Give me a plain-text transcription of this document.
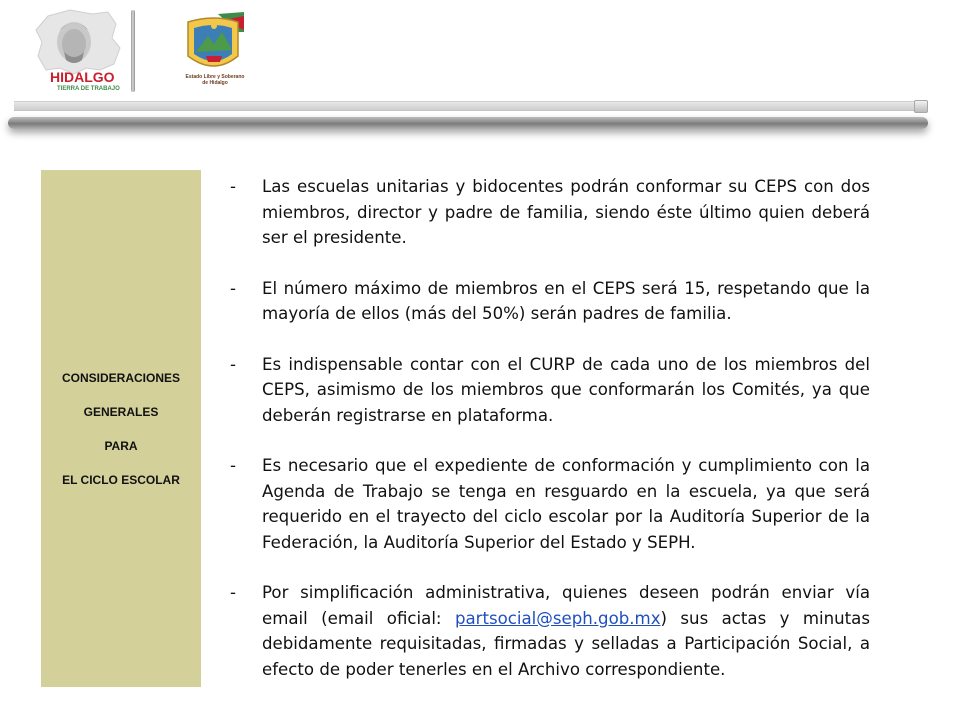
HIDALGO
TIERRA DE TRABAJO
Estado Libre y Soberano
de Hidalgo
CONSIDERACIONES
GENERALES
PARA
EL CICLO ESCOLAR
- Las escuelas unitarias y bidocentes podrán conformar su CEPS con dos miembros, director y padre de familia, siendo éste último quien deberá ser el presidente.
- El número máximo de miembros en el CEPS será 15, respetando que la mayoría de ellos (más del 50%) serán padres de familia.
- Es indispensable contar con el CURP de cada uno de los miembros del CEPS, asimismo de los miembros que conformarán los Comités, ya que deberán registrarse en plataforma.
- Es necesario que el expediente de conformación y cumplimiento con la Agenda de Trabajo se tenga en resguardo en la escuela, ya que será requerido en el trayecto del ciclo escolar por la Auditoría Superior de la Federación, la Auditoría Superior del Estado y SEPH.
- Por simplificación administrativa, quienes deseen podrán enviar vía email (email oficial: partsocial@seph.gob.mx) sus actas y minutas debidamente requisitadas, firmadas y selladas a Participación Social, a efecto de poder tenerles en el Archivo correspondiente.
